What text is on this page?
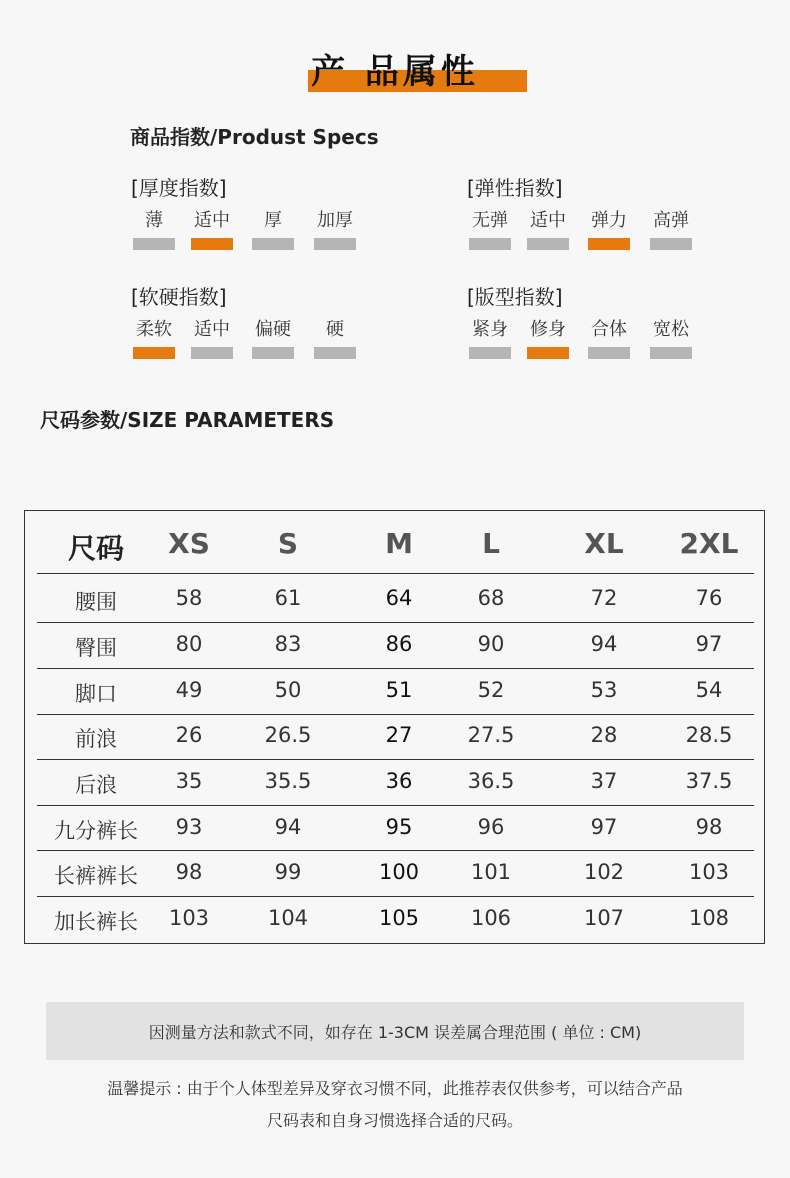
产 品属性
商品指数/Produst Specs
[厚度指数]
薄	适中	厚	加厚
[弹性指数]
无弹 适中 弹力 高弹
[软硬指数]
柔软 适中 偏硬	硬
[版型指数]
紧身 修身 合体 宽松
尺码参数/SIZE PARAMETERS
尺码 XS S	M L	XL 2XL
腰围	58	61	64	68	72	76
臀围	80	83	86	90	94	97
脚口	49	50	51	52	53	54
前浪	26	26.5	27	27.5	28	28.5
后浪	35	35.5	36	36.5	37	37.5
九分裤长 93	94	95	96	97	98
长裤裤长 98	99	100 101	102	103
加长裤长 103	104	105 106	107	108
因测量方法和款式不同，如存在 1-3CM 误差属合理范围 ( 单位 : CM)
温馨提示 : 由于个人体型差异及穿衣习惯不同，此推荐表仅供参考，可以结合产品
尺码表和自身习惯选择合适的尺码。
